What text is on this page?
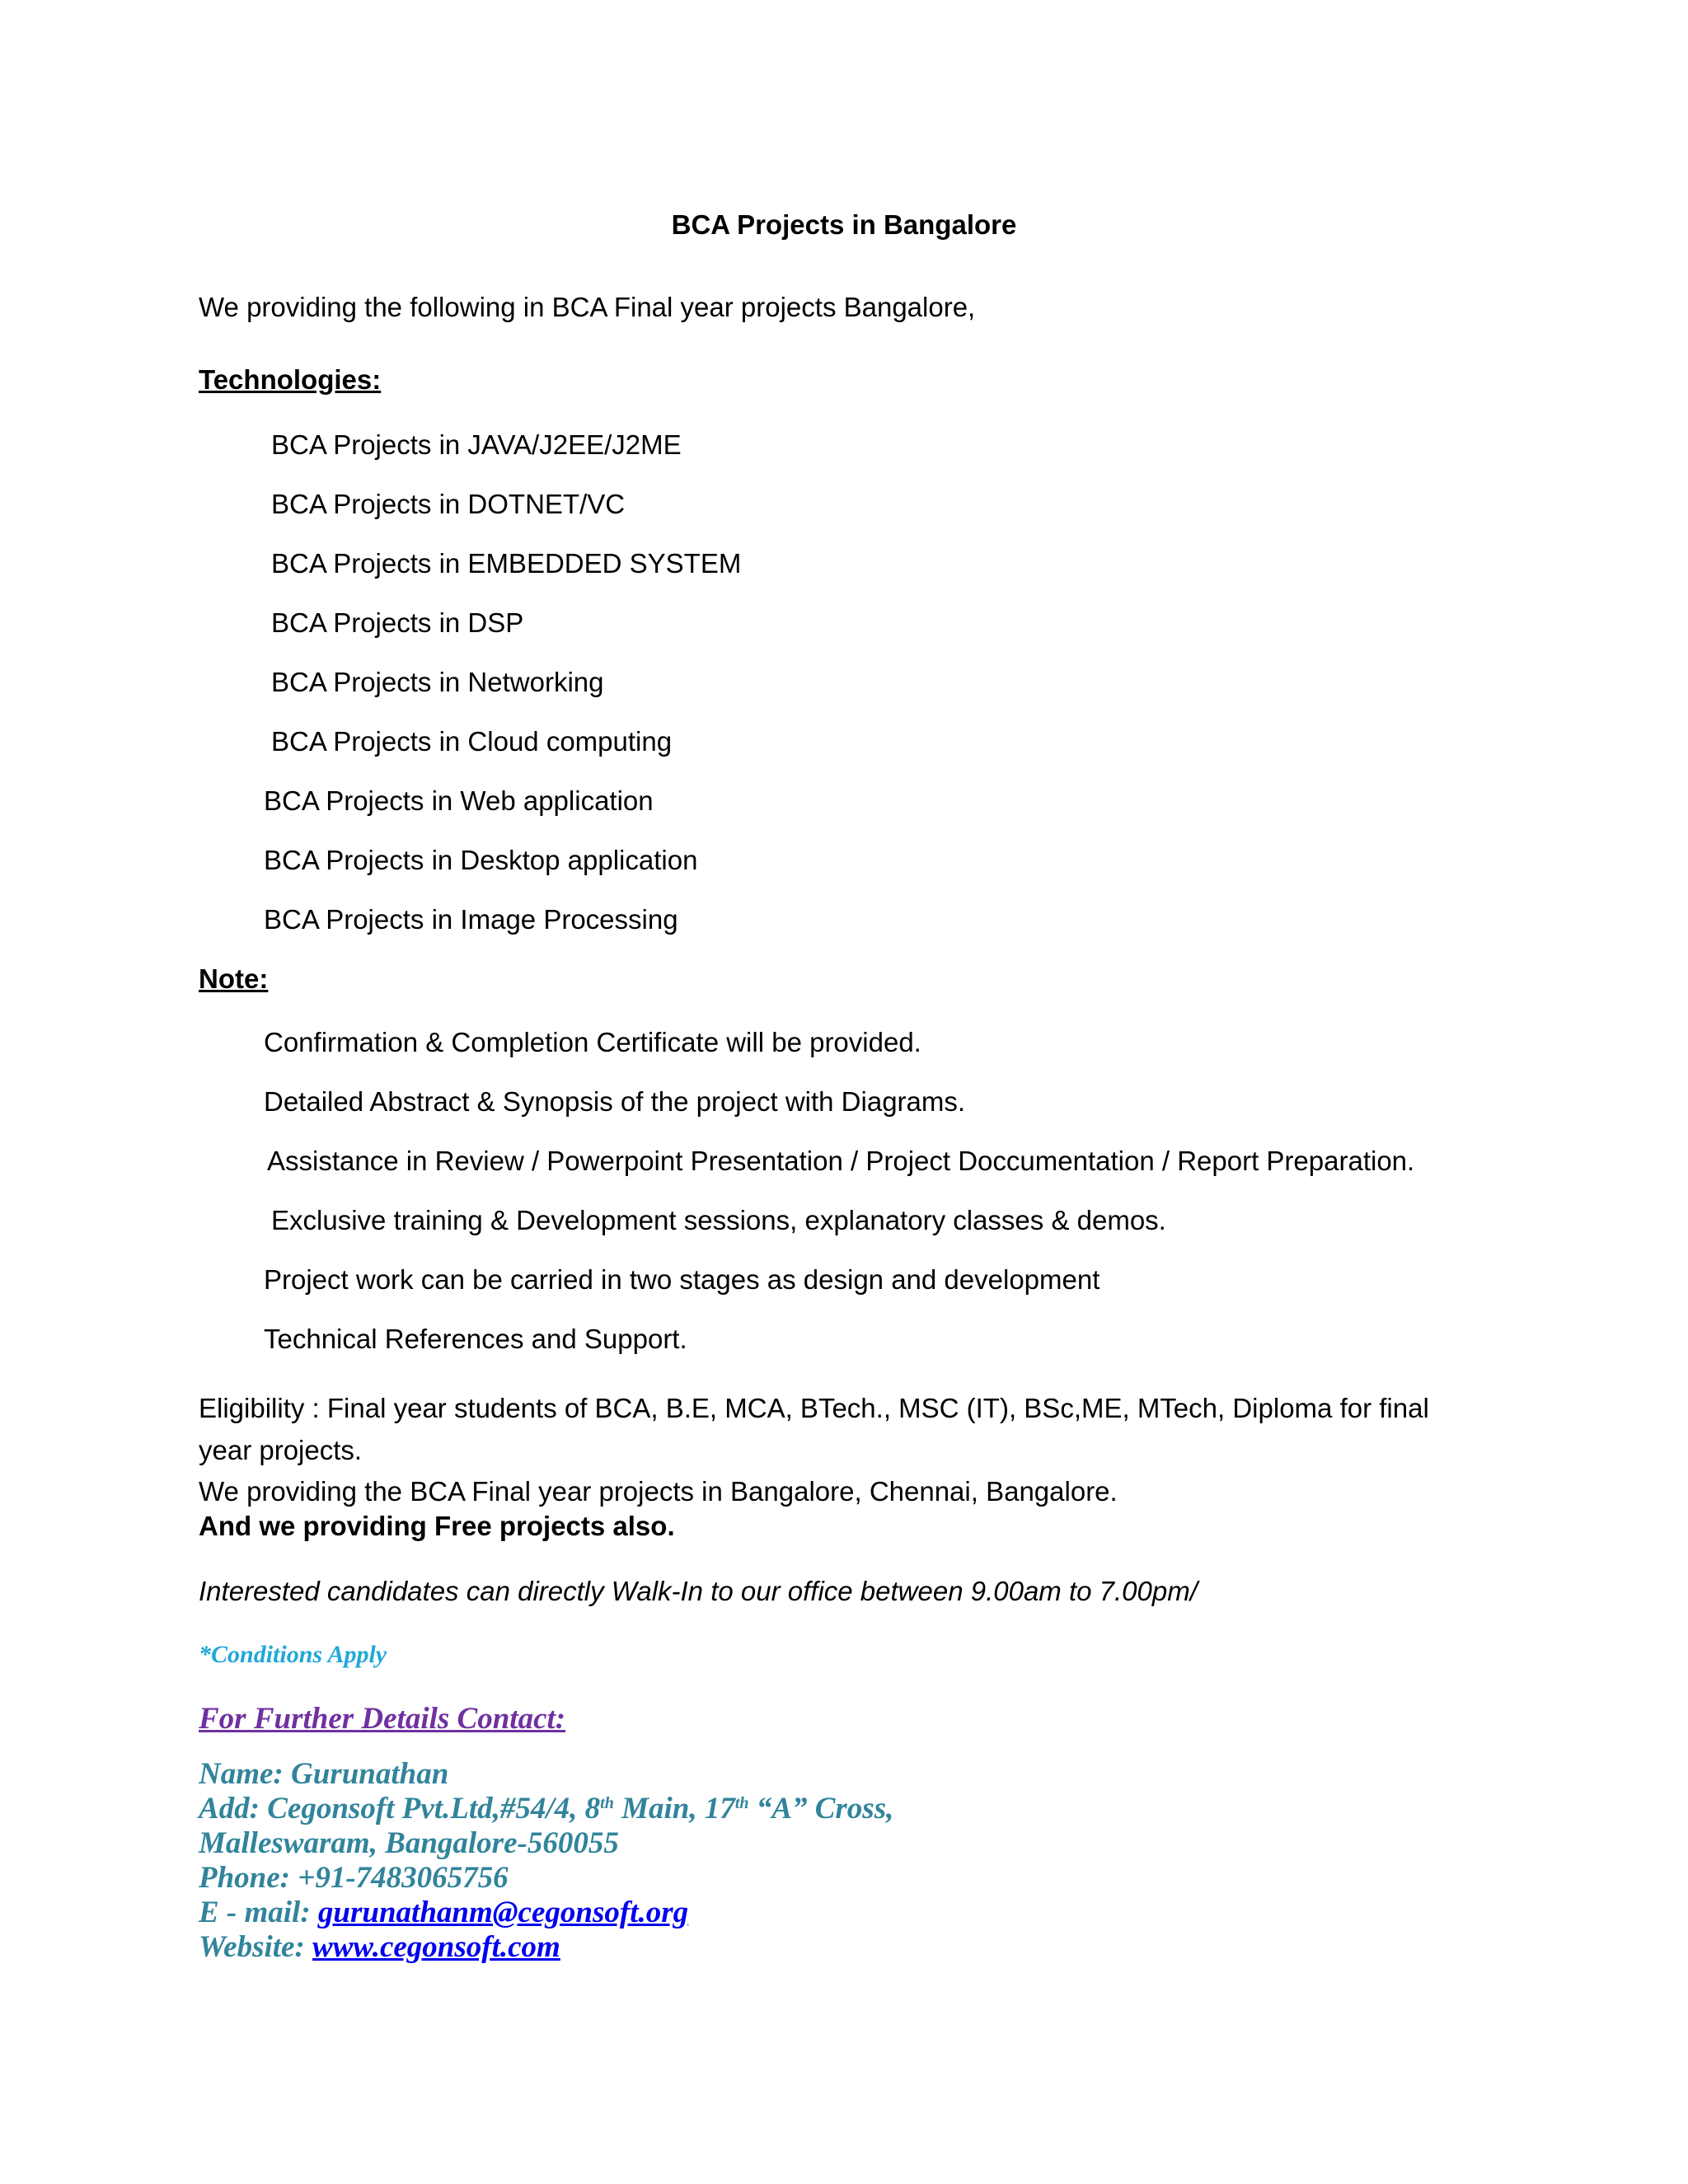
BCA Projects in Bangalore
We providing the following in BCA Final year projects Bangalore,
Technologies:
BCA Projects in JAVA/J2EE/J2ME
BCA Projects in DOTNET/VC
BCA Projects in EMBEDDED SYSTEM
BCA Projects in DSP
BCA Projects in Networking
BCA Projects in Cloud computing
BCA Projects in Web application
BCA Projects in Desktop application
BCA Projects in Image Processing
Note:
Confirmation & Completion Certificate will be provided.
Detailed Abstract & Synopsis of the project with Diagrams.
Assistance in Review / Powerpoint Presentation / Project Doccumentation / Report Preparation.
Exclusive training & Development sessions, explanatory classes & demos.
Project work can be carried in two stages as design and development
Technical References and Support.
Eligibility : Final year students of BCA, B.E, MCA, BTech., MSC (IT), BSc,ME, MTech, Diploma for final
year projects.
We providing the BCA Final year projects in Bangalore, Chennai, Bangalore.
And we providing Free projects also.
Interested candidates can directly Walk-In to our office between 9.00am to 7.00pm/
*Conditions Apply
For Further Details Contact:
Name: Gurunathan
Add: Cegonsoft Pvt.Ltd,#54/4, 8th Main, 17th “A” Cross,
Malleswaram, Bangalore-560055
Phone: +91-7483065756
E - mail: gurunathanm@cegonsoft.org
Website: www.cegonsoft.com
